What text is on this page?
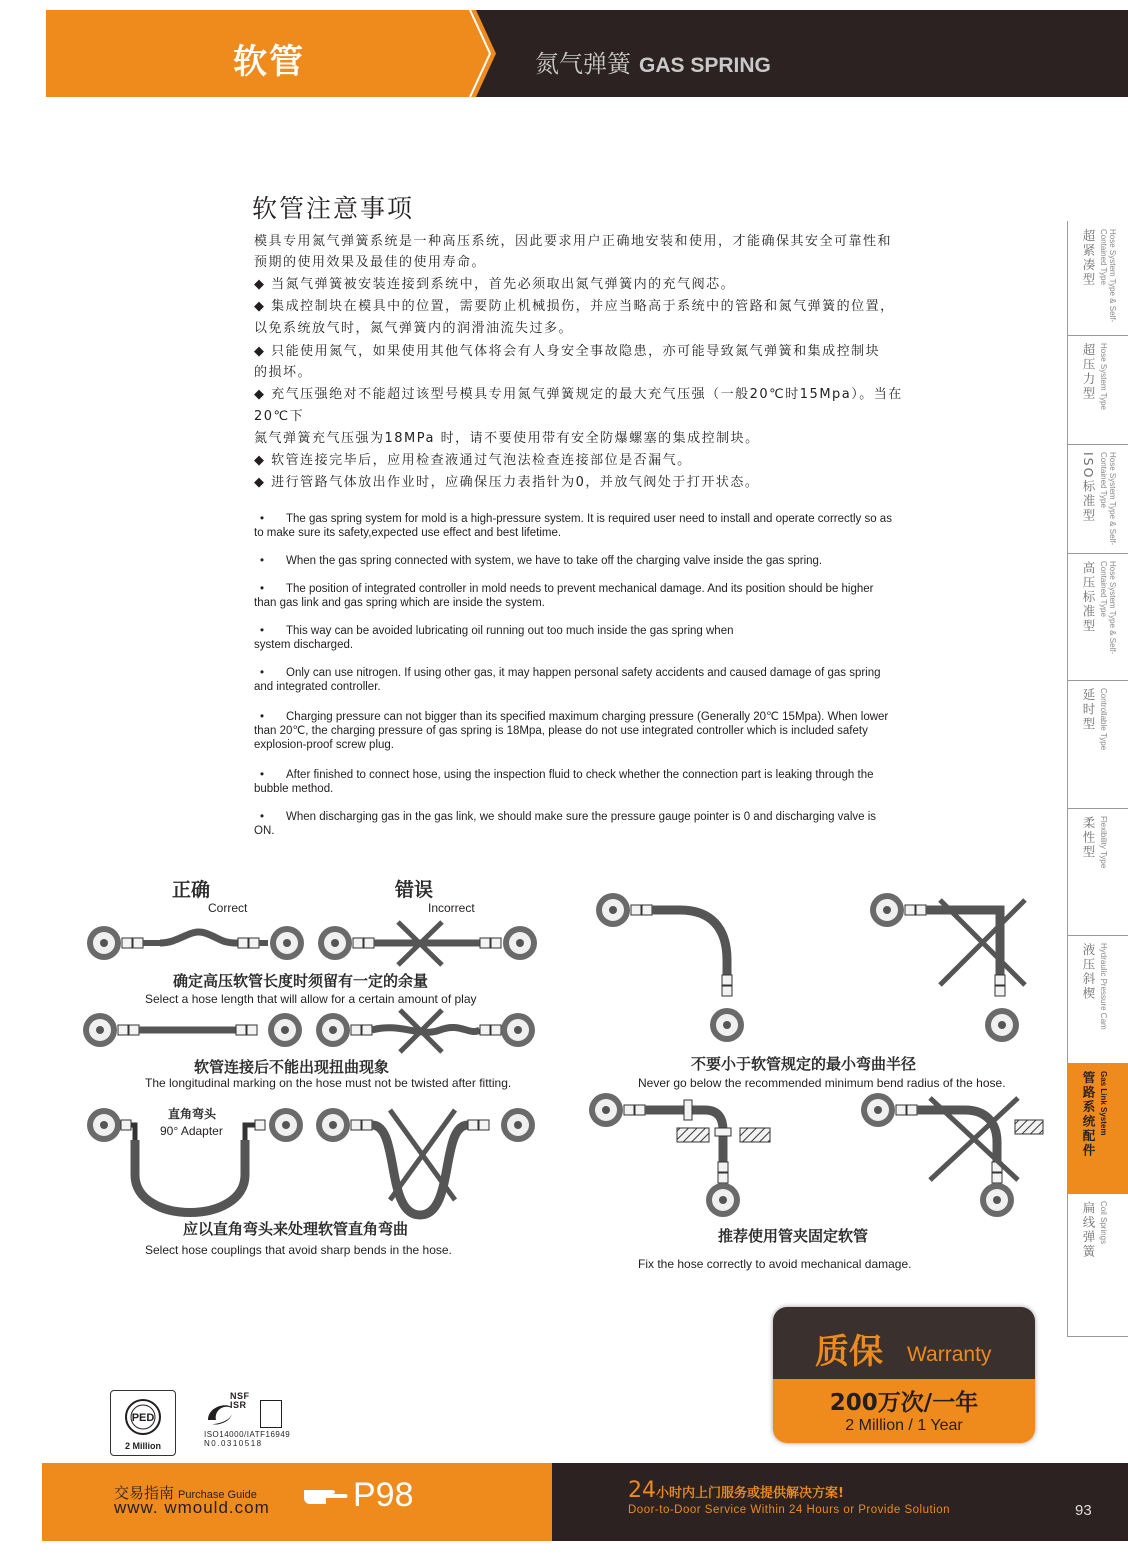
软管	氮气弹簧 GAS SPRING
软管注意事项
模具专用氮气弹簧系统是一种高压系统，因此要求用户正确地安装和使用，才能确保其安全可靠性和
预期的使用效果及最佳的使用寿命。
◆ 当氮气弹簧被安装连接到系统中，首先必须取出氮气弹簧内的充气阀芯。
◆ 集成控制块在模具中的位置，需要防止机械损伤，并应当略高于系统中的管路和氮气弹簧的位置，
以免系统放气时，氮气弹簧内的润滑油流失过多。
◆ 只能使用氮气，如果使用其他气体将会有人身安全事故隐患，亦可能导致氮气弹簧和集成控制块
的损坏。
◆ 充气压强绝对不能超过该型号模具专用氮气弹簧规定的最大充气压强（一般20℃时15Mpa）。当在
20℃下
氮气弹簧充气压强为18MPa 时，请不要使用带有安全防爆螺塞的集成控制块。
◆ 软管连接完毕后，应用检查液通过气泡法检查连接部位是否漏气。
◆ 进行管路气体放出作业时，应确保压力表指针为0，并放气阀处于打开状态。
• The gas spring system for mold is a high-pressure system. It is required user need to install and operate correctly so as
to make sure its safety,expected use effect and best lifetime.
• When the gas spring connected with system, we have to take off the charging valve inside the gas spring.
• The position of integrated controller in mold needs to prevent mechanical damage. And its position should be higher
than gas link and gas spring which are inside the system.
• This way can be avoided lubricating oil running out too much inside the gas spring when
system discharged.
• Only can use nitrogen. If using other gas, it may happen personal safety accidents and caused damage of gas spring
and integrated controller.
• Charging pressure can not bigger than its specified maximum charging pressure (Generally 20℃ 15Mpa). When lower
than 20℃, the charging pressure of gas spring is 18Mpa, please do not use integrated controller which is included safety
explosion-proof screw plug.
• After finished to connect hose, using the inspection fluid to check whether the connection part is leaking through the
bubble method.
• When discharging gas in the gas link, we should make sure the pressure gauge pointer is 0 and discharging valve is
ON.
超紧凑型	Hose System Type & Self-Contained Type
超压力型 Hose System Type
ISO标准型	Hose System Type & Self-Contained Type
高压标准型	Hose System Type & Self-Contained Type
延时型 Controllable Type
柔性型 Flexibility Type
液压斜楔 Hydraulic Pressure Cam
管路系统配件 Gas Link System
扁线弹簧 Coil Springs
正确
Correct
错误
Incorrect
确定高压软管长度时须留有一定的余量
Select a hose length that will allow for a certain amount of play
软管连接后不能出现扭曲现象
The longitudinal marking on the hose must not be twisted after fitting.
直角弯头
90° Adapter
应以直角弯头来处理软管直角弯曲
Select hose couplings that avoid sharp bends in the hose.
不要小于软管规定的最小弯曲半径
Never go below the recommended minimum bend radius of the hose.
推荐使用管夹固定软管
Fix the hose correctly to avoid mechanical damage.
质保 Warranty
200万次/一年
2 Million / 1 Year
PED
2 Million
NSF
ISR
ISO14000/IATF16949
N0.0310518
交易指南 Purchase Guide
www. wmould.com P98	24小时内上门服务或提供解决方案!
Door-to-Door Service Within 24 Hours or Provide Solution	93
